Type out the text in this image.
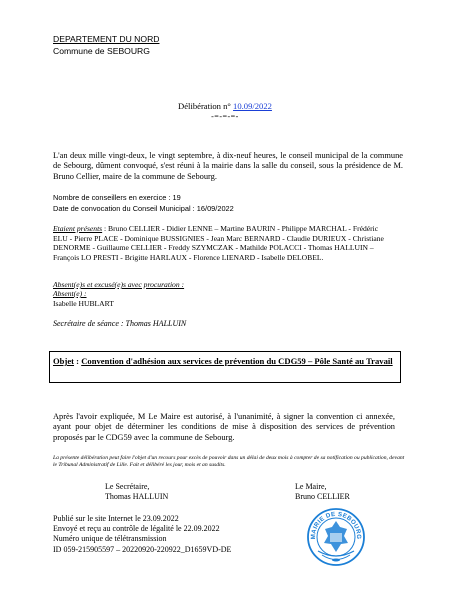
DEPARTEMENT DU NORD
Commune de SEBOURG
Délibération n° 10.09/2022
-=-=-=-
L'an deux mille vingt-deux, le vingt septembre, à dix-neuf heures, le conseil municipal de la commune de Sebourg, dûment convoqué, s'est réuni à la mairie dans la salle du conseil, sous la présidence de M. Bruno Cellier, maire de la commune de Sebourg.
Nombre de conseillers en exercice : 19
Date de convocation du Conseil Municipal : 16/09/2022
Etaient présents : Bruno CELLIER - Didier LENNE – Martine BAURIN - Philippe MARCHAL - Frédéric ELU - Pierre PLACE - Dominique BUSSIGNIES - Jean Marc BERNARD - Claudie DURIEUX - Christiane DENORME - Guillaume CELLIER - Freddy SZYMCZAK - Mathilde POLACCI - Thomas HALLUIN – François LO PRESTI - Brigitte HARLAUX - Florence LIENARD - Isabelle DELOBEL.
Absent(e)s et excusé(e)s avec procuration :
Absent(e) :
Isabelle HUBLART
Secrétaire de séance : Thomas HALLUIN
Objet : Convention d'adhésion aux services de prévention du CDG59 – Pôle Santé au Travail
Après l'avoir expliquée, M Le Maire est autorisé, à l'unanimité, à signer la convention ci annexée, ayant pour objet de déterminer les conditions de mise à disposition des services de prévention proposés par le CDG59 avec la commune de Sebourg.
La présente délibération peut faire l'objet d'un recours pour excès de pouvoir dans un délai de deux mois à compter de sa notification ou publication, devant le Tribunal Administratif de Lille. Fait et délibéré les jour, mois et an susdits.
Le Secrétaire,
Thomas HALLUIN
Le Maire,
Bruno CELLIER
Publié sur le site Internet le 23.09.2022
Envoyé et reçu au contrôle de légalité le 22.09.2022
Numéro unique de télétransmission
ID 059-215905597 – 20220920-220922_D1659VD-DE
MAIRIE DE SEBOURG
